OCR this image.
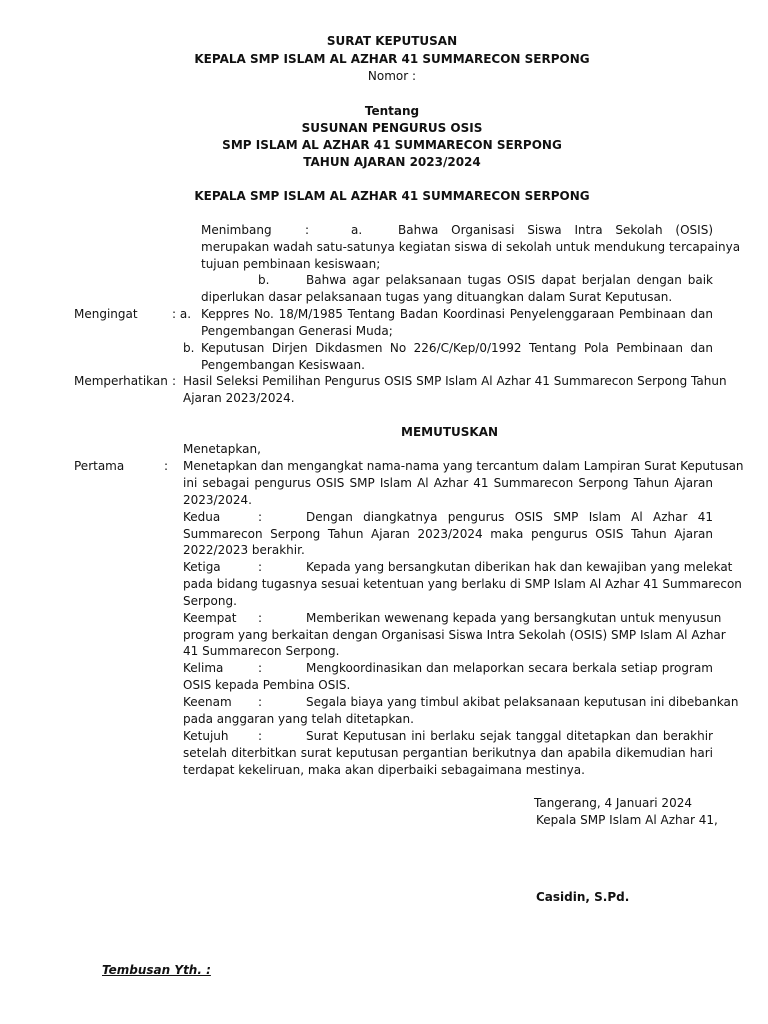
SURAT KEPUTUSAN
KEPALA SMP ISLAM AL AZHAR 41 SUMMARECON SERPONG
Nomor :
Tentang
SUSUNAN PENGURUS OSIS
SMP ISLAM AL AZHAR 41 SUMMARECON SERPONG
TAHUN AJARAN 2023/2024
KEPALA SMP ISLAM AL AZHAR 41 SUMMARECON SERPONG
Menimbang	:	a.	Bahwa Organisasi Siswa Intra Sekolah (OSIS)
merupakan wadah satu-satunya kegiatan siswa di sekolah untuk mendukung tercapainya
tujuan pembinaan kesiswaan;
b.	Bahwa agar pelaksanaan tugas OSIS dapat berjalan dengan baik
diperlukan dasar pelaksanaan tugas yang dituangkan dalam Surat Keputusan.
Mengingat	: a. Keppres No. 18/M/1985 Tentang Badan Koordinasi Penyelenggaraan Pembinaan dan
Pengembangan Generasi Muda;
b. Keputusan Dirjen Dikdasmen No 226/C/Kep/0/1992 Tentang Pola Pembinaan dan
Pengembangan Kesiswaan.
Memperhatikan : Hasil Seleksi Pemilihan Pengurus OSIS SMP Islam Al Azhar 41 Summarecon Serpong Tahun
Ajaran 2023/2024.
MEMUTUSKAN
Menetapkan,
Pertama	: Menetapkan dan mengangkat nama-nama yang tercantum dalam Lampiran Surat Keputusan
ini sebagai pengurus OSIS SMP Islam Al Azhar 41 Summarecon Serpong Tahun Ajaran
2023/2024.
Kedua	:	Dengan diangkatnya pengurus OSIS SMP Islam Al Azhar 41
Summarecon Serpong Tahun Ajaran 2023/2024 maka pengurus OSIS Tahun Ajaran
2022/2023 berakhir.
Ketiga	:	Kepada yang bersangkutan diberikan hak dan kewajiban yang melekat
pada bidang tugasnya sesuai ketentuan yang berlaku di SMP Islam Al Azhar 41 Summarecon
Serpong.
Keempat :	Memberikan wewenang kepada yang bersangkutan untuk menyusun
program yang berkaitan dengan Organisasi Siswa Intra Sekolah (OSIS) SMP Islam Al Azhar
41 Summarecon Serpong.
Kelima	:	Mengkoordinasikan dan melaporkan secara berkala setiap program
OSIS kepada Pembina OSIS.
Keenam :	Segala biaya yang timbul akibat pelaksanaan keputusan ini dibebankan
pada anggaran yang telah ditetapkan.
Ketujuh :	Surat Keputusan ini berlaku sejak tanggal ditetapkan dan berakhir
setelah diterbitkan surat keputusan pergantian berikutnya dan apabila dikemudian hari
terdapat kekeliruan, maka akan diperbaiki sebagaimana mestinya.
Tangerang, 4 Januari 2024
Kepala SMP Islam Al Azhar 41,
Casidin, S.Pd.
Tembusan Yth. :
